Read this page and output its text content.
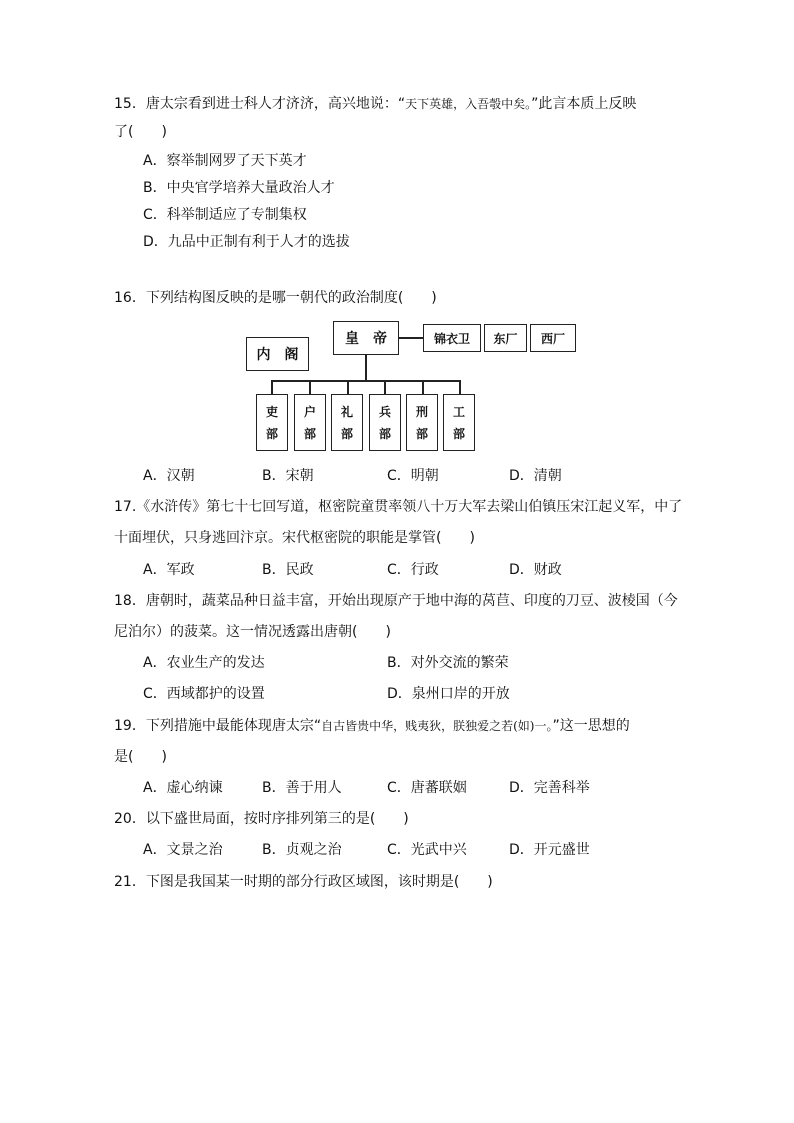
15．唐太宗看到进士科人才济济，高兴地说：“天下英雄，入吾彀中矣。”此言本质上反映
了(　　)
A．察举制网罗了天下英才
B．中央官学培养大量政治人才
C．科举制适应了专制集权
D．九品中正制有利于人才的选拔
16．下列结构图反映的是哪一朝代的政治制度(　　)
皇　帝
内　阁
锦衣卫	东厂	西厂
吏
部
户
部
礼
部
兵
部
刑
部
工
部
A．汉朝	B．宋朝	C．明朝	D．清朝
17.《水浒传》第七十七回写道，枢密院童贯率领八十万大军去梁山伯镇压宋江起义军，中了
十面埋伏，只身逃回汴京。宋代枢密院的职能是掌管(　　)
A．军政	B．民政	C．行政	D．财政
18．唐朝时，蔬菜品种日益丰富，开始出现原产于地中海的莴苣、印度的刀豆、波棱国（今
尼泊尔）的菠菜。这一情况透露出唐朝(　　)
A．农业生产的发达	B．对外交流的繁荣
C．西域都护的设置	D．泉州口岸的开放
19．下列措施中最能体现唐太宗“自古皆贵中华，贱夷狄，朕独爱之若(如)一。”这一思想的
是(　　)
A．虚心纳谏	B．善于用人	C．唐蕃联姻	D．完善科举
20．以下盛世局面，按时序排列第三的是(　　)
A．文景之治	B．贞观之治	C．光武中兴	D．开元盛世
21．下图是我国某一时期的部分行政区域图，该时期是(　　)
